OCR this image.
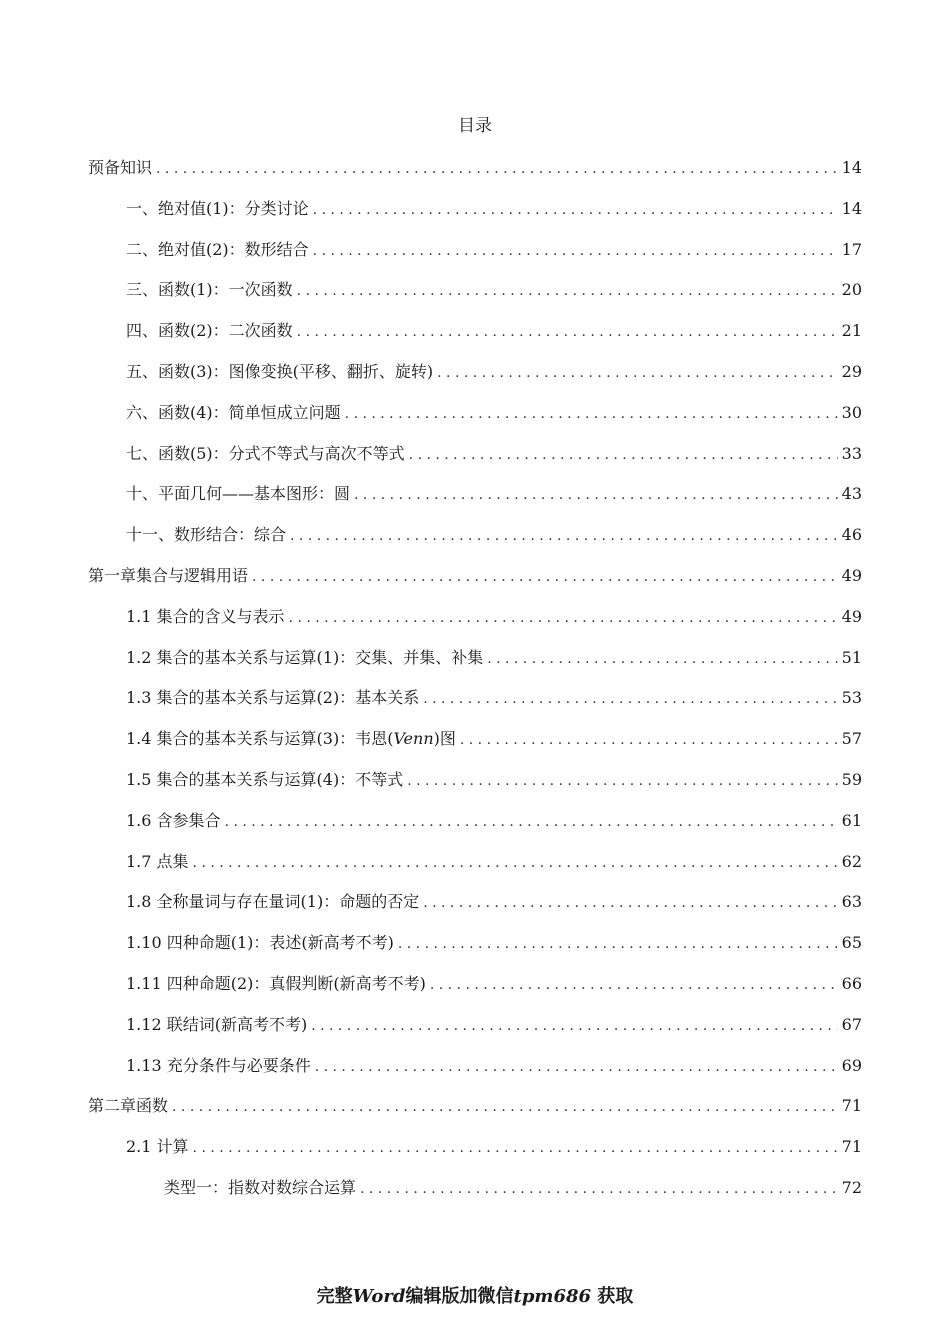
目录
预备知识 . . .	14
一、绝对值(1)：分类讨论 . . .	14
二、绝对值(2)：数形结合 . . .	17
三、函数(1)：一次函数 . . .	20
四、函数(2)：二次函数 . . .	21
五、函数(3)：图像变换(平移、翻折、旋转) . . .	29
六、函数(4)：简单恒成立问题 . . .	30
七、函数(5)：分式不等式与高次不等式 . . .	33
十、平面几何——基本图形：圆 . . .	43
十一、数形结合：综合 . . .	46
第一章集合与逻辑用语 . . .	49
1.1 集合的含义与表示 . . .	49
1.2 集合的基本关系与运算(1)：交集、并集、补集 . . .	51
1.3 集合的基本关系与运算(2)：基本关系 . . .	53
1.4 集合的基本关系与运算(3)：韦恩(Venn)图 . . .	57
1.5 集合的基本关系与运算(4)：不等式 . . .	59
1.6 含参集合 . . .	61
1.7 点集 . . .	62
1.8 全称量词与存在量词(1)：命题的否定 . . .	63
1.10 四种命题(1)：表述(新高考不考) . . .	65
1.11 四种命题(2)：真假判断(新高考不考) . . .	66
1.12 联结词(新高考不考) . . .	67
1.13 充分条件与必要条件 . . .	69
第二章函数 . . .	71
2.1 计算 . . .	71
类型一：指数对数综合运算 . . .	72
完整Word编辑版加微信tpm686 获取
